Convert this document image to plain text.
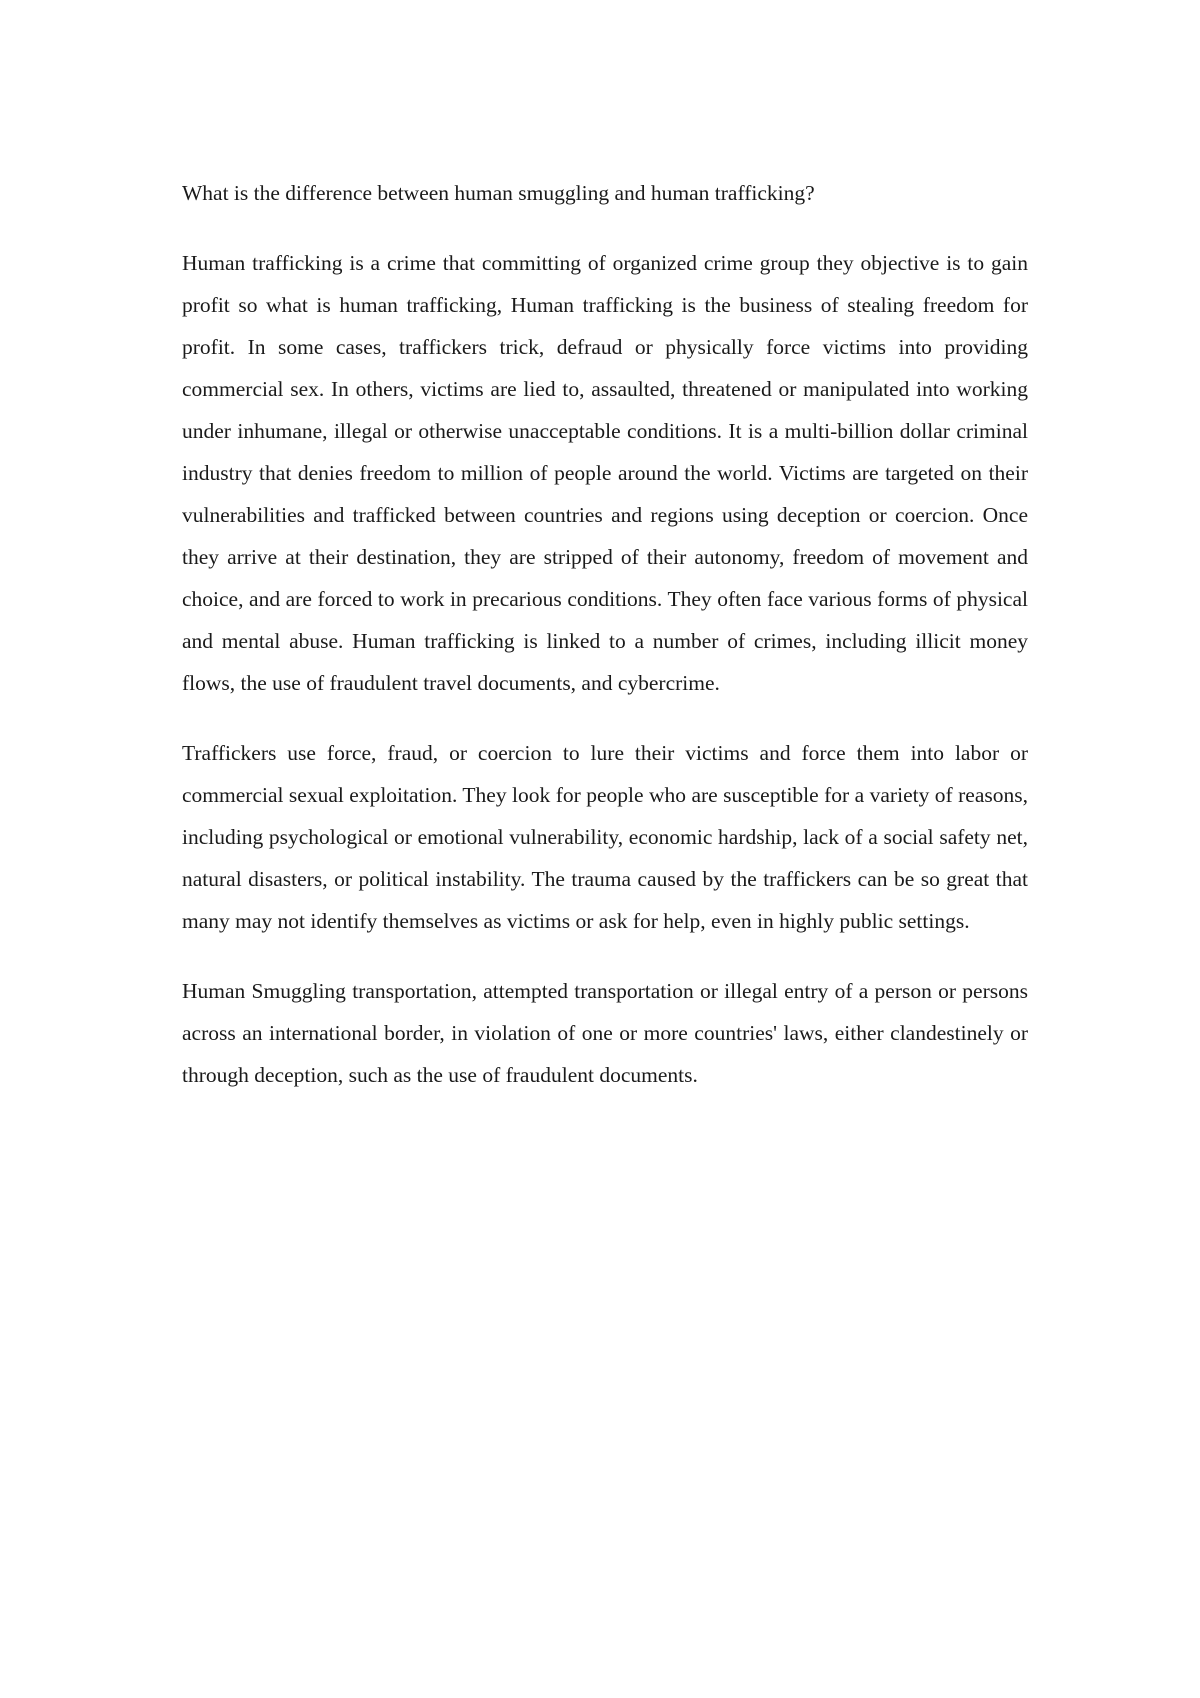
What is the difference between human smuggling and human trafficking?

Human trafficking is a crime that committing of organized crime group they objective is to gain profit so what is human trafficking, Human trafficking is the business of stealing freedom for profit. In some cases, traffickers trick, defraud or physically force victims into providing commercial sex. In others, victims are lied to, assaulted, threatened or manipulated into working under inhumane, illegal or otherwise unacceptable conditions. It is a multi-billion dollar criminal industry that denies freedom to million of people around the world. Victims are targeted on their vulnerabilities and trafficked between countries and regions using deception or coercion. Once they arrive at their destination, they are stripped of their autonomy, freedom of movement and choice, and are forced to work in precarious conditions. They often face various forms of physical and mental abuse. Human trafficking is linked to a number of crimes, including illicit money flows, the use of fraudulent travel documents, and cybercrime.

Traffickers use force, fraud, or coercion to lure their victims and force them into labor or commercial sexual exploitation. They look for people who are susceptible for a variety of reasons, including psychological or emotional vulnerability, economic hardship, lack of a social safety net, natural disasters, or political instability. The trauma caused by the traffickers can be so great that many may not identify themselves as victims or ask for help, even in highly public settings.

Human Smuggling transportation, attempted transportation or illegal entry of a person or persons across an international border, in violation of one or more countries' laws, either clandestinely or through deception, such as the use of fraudulent documents.
